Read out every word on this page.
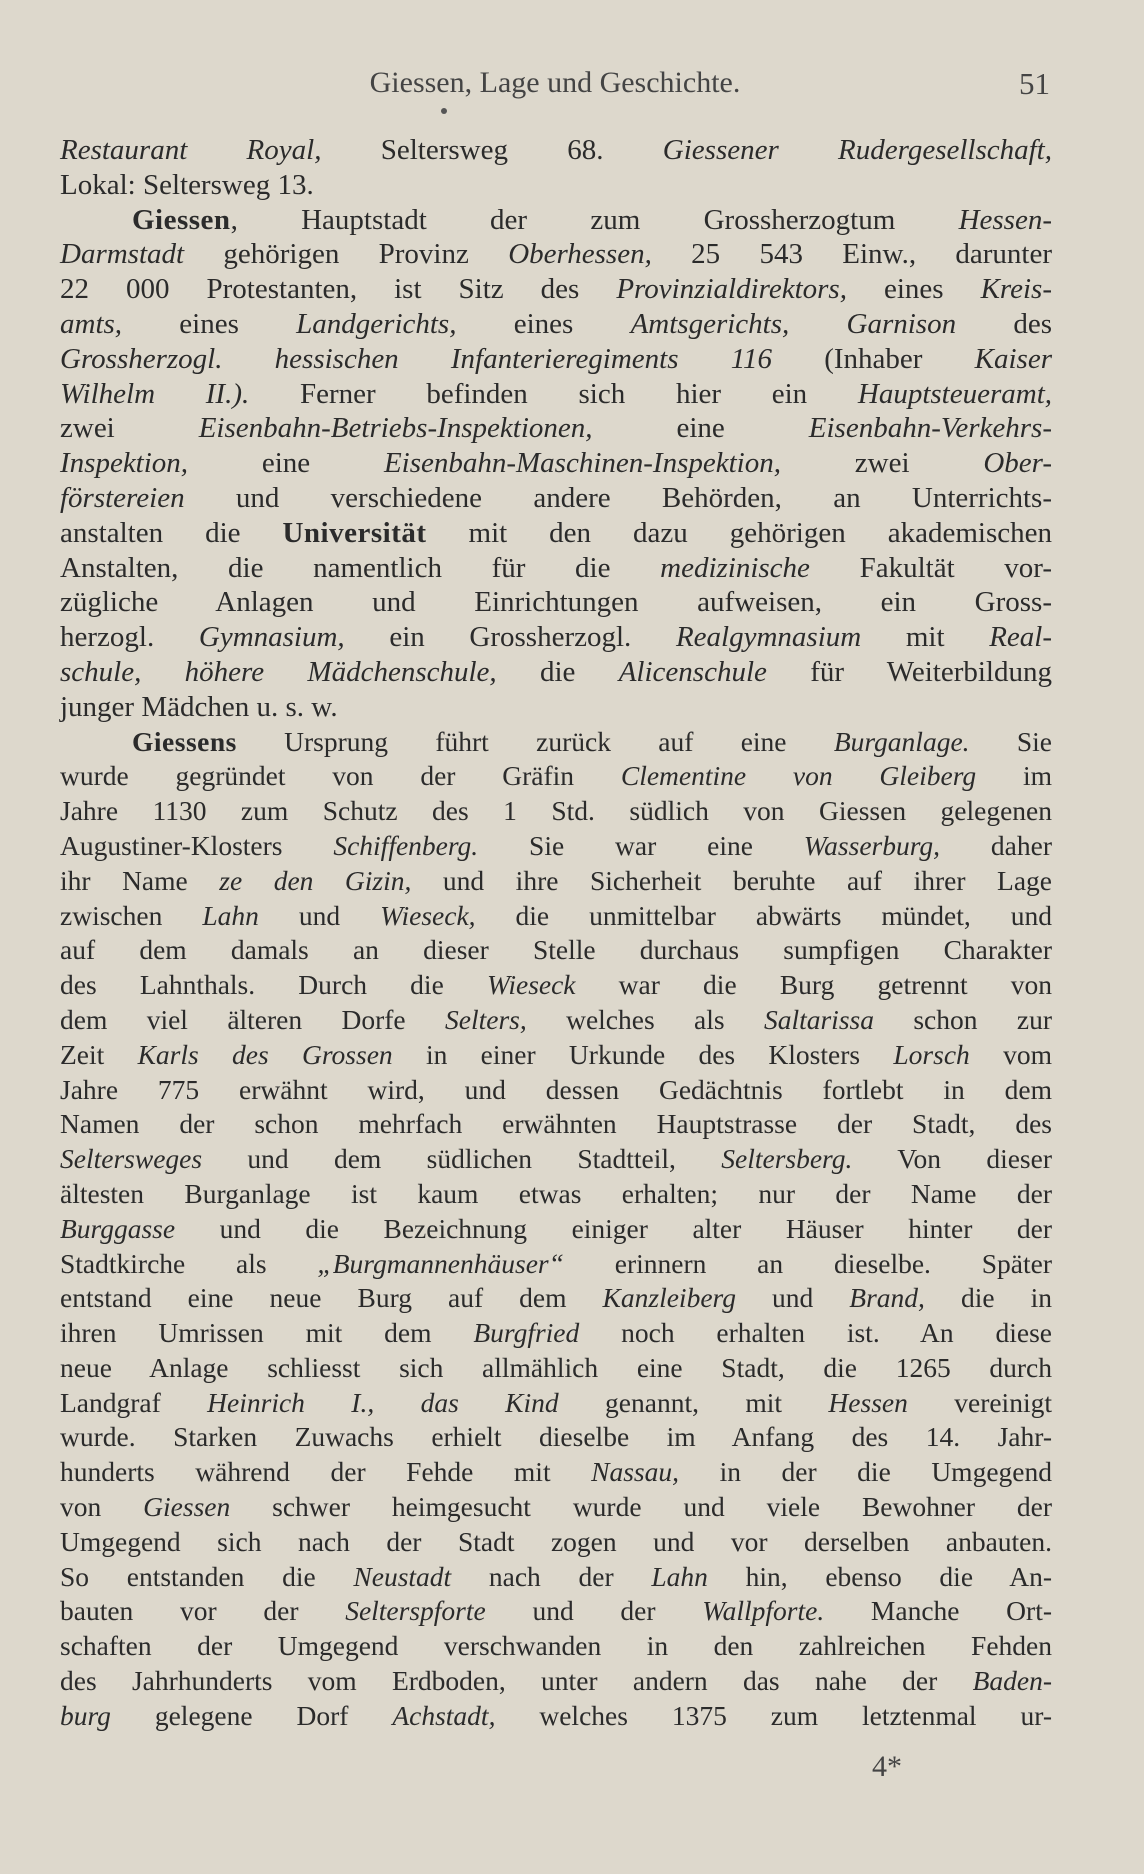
Giessen, Lage und Geschichte.	51
Restaurant Royal, Seltersweg 68. Giessener Rudergesellschaft,
Lokal: Seltersweg 13.
Giessen, Hauptstadt der zum Grossherzogtum Hessen-
Darmstadt gehörigen Provinz Oberhessen, 25 543 Einw., darunter
22 000 Protestanten, ist Sitz des Provinzialdirektors, eines Kreis-
amts, eines Landgerichts, eines Amtsgerichts, Garnison des
Grossherzogl. hessischen Infanterieregiments 116 (Inhaber Kaiser
Wilhelm II.). Ferner befinden sich hier ein Hauptsteueramt,
zwei Eisenbahn-Betriebs-Inspektionen, eine Eisenbahn-Verkehrs-
Inspektion, eine Eisenbahn-Maschinen-Inspektion, zwei Ober-
förstereien und verschiedene andere Behörden, an Unterrichts-
anstalten die Universität mit den dazu gehörigen akademischen
Anstalten, die namentlich für die medizinische Fakultät vor-
zügliche Anlagen und Einrichtungen aufweisen, ein Gross-
herzogl. Gymnasium, ein Grossherzogl. Realgymnasium mit Real-
schule, höhere Mädchenschule, die Alicenschule für Weiterbildung
junger Mädchen u. s. w.
Giessens Ursprung führt zurück auf eine Burganlage. Sie
wurde gegründet von der Gräfin Clementine von Gleiberg im
Jahre 1130 zum Schutz des 1 Std. südlich von Giessen gelegenen
Augustiner-Klosters Schiffenberg. Sie war eine Wasserburg, daher
ihr Name ze den Gizin, und ihre Sicherheit beruhte auf ihrer Lage
zwischen Lahn und Wieseck, die unmittelbar abwärts mündet, und
auf dem damals an dieser Stelle durchaus sumpfigen Charakter
des Lahnthals. Durch die Wieseck war die Burg getrennt von
dem viel älteren Dorfe Selters, welches als Saltarissa schon zur
Zeit Karls des Grossen in einer Urkunde des Klosters Lorsch vom
Jahre 775 erwähnt wird, und dessen Gedächtnis fortlebt in dem
Namen der schon mehrfach erwähnten Hauptstrasse der Stadt, des
Seltersweges und dem südlichen Stadtteil, Seltersberg. Von dieser
ältesten Burganlage ist kaum etwas erhalten; nur der Name der
Burggasse und die Bezeichnung einiger alter Häuser hinter der
Stadtkirche als „Burgmannenhäuser“ erinnern an dieselbe. Später
entstand eine neue Burg auf dem Kanzleiberg und Brand, die in
ihren Umrissen mit dem Burgfried noch erhalten ist. An diese
neue Anlage schliesst sich allmählich eine Stadt, die 1265 durch
Landgraf Heinrich I., das Kind genannt, mit Hessen vereinigt
wurde. Starken Zuwachs erhielt dieselbe im Anfang des 14. Jahr-
hunderts während der Fehde mit Nassau, in der die Umgegend
von Giessen schwer heimgesucht wurde und viele Bewohner der
Umgegend sich nach der Stadt zogen und vor derselben anbauten.
So entstanden die Neustadt nach der Lahn hin, ebenso die An-
bauten vor der Selterspforte und der Wallpforte. Manche Ort-
schaften der Umgegend verschwanden in den zahlreichen Fehden
des Jahrhunderts vom Erdboden, unter andern das nahe der Baden-
burg gelegene Dorf Achstadt, welches 1375 zum letztenmal ur-
4*
